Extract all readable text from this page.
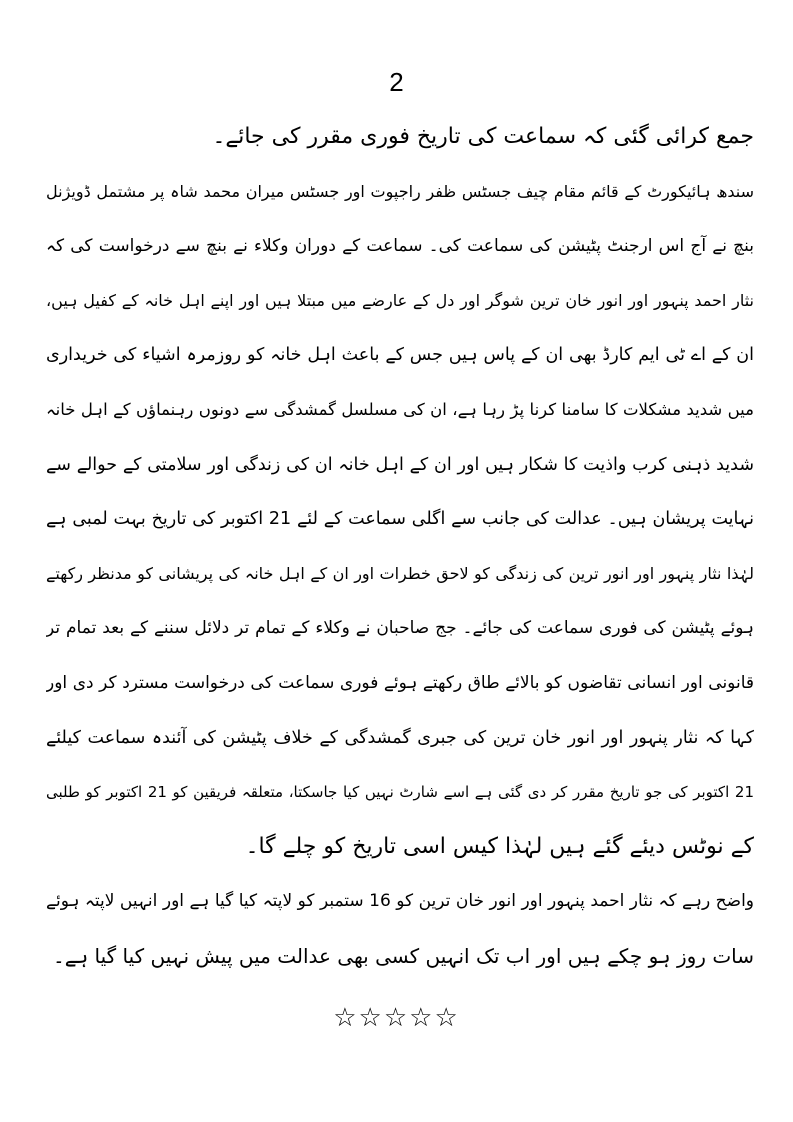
2
جمع کرائی گئی کہ سماعت کی تاریخ فوری مقرر کی جائے۔
سندھ ہائیکورٹ کے قائم مقام چیف جسٹس ظفر راجپوت اور جسٹس میران محمد شاہ پر مشتمل ڈویژنل
بنچ نے آج اس ارجنٹ پٹیشن کی سماعت کی۔ سماعت کے دوران وکلاء نے بنچ سے درخواست کی کہ
نثار احمد پنہور اور انور خان ترین شوگر اور دل کے عارضے میں مبتلا ہیں اور اپنے اہل خانہ کے کفیل ہیں،
ان کے اے ٹی ایم کارڈ بھی ان کے پاس ہیں جس کے باعث اہل خانہ کو روزمرہ اشیاء کی خریداری
میں شدید مشکلات کا سامنا کرنا پڑ رہا ہے، ان کی مسلسل گمشدگی سے دونوں رہنماؤں کے اہل خانہ
شدید ذہنی کرب واذیت کا شکار ہیں اور ان کے اہل خانہ ان کی زندگی اور سلامتی کے حوالے سے
نہایت پریشان ہیں۔ عدالت کی جانب سے اگلی سماعت کے لئے 21 اکتوبر کی تاریخ بہت لمبی ہے
لہٰذا نثار پنہور اور انور ترین کی زندگی کو لاحق خطرات اور ان کے اہل خانہ کی پریشانی کو مدنظر رکھتے
ہوئے پٹیشن کی فوری سماعت کی جائے۔ جج صاحبان نے وکلاء کے تمام تر دلائل سننے کے بعد تمام تر
قانونی اور انسانی تقاضوں کو بالائے طاق رکھتے ہوئے فوری سماعت کی درخواست مسترد کر دی اور
کہا کہ نثار پنہور اور انور خان ترین کی جبری گمشدگی کے خلاف پٹیشن کی آئندہ سماعت کیلئے
21 اکتوبر کی جو تاریخ مقرر کر دی گئی ہے اسے شارٹ نہیں کیا جاسکتا، متعلقہ فریقین کو 21 اکتوبر کو طلبی
کے نوٹس دیئے گئے ہیں لہٰذا کیس اسی تاریخ کو چلے گا۔
واضح رہے کہ نثار احمد پنہور اور انور خان ترین کو 16 ستمبر کو لاپتہ کیا گیا ہے اور انہیں لاپتہ ہوئے
سات روز ہو چکے ہیں اور اب تک انہیں کسی بھی عدالت میں پیش نہیں کیا گیا ہے۔
☆☆☆☆☆
